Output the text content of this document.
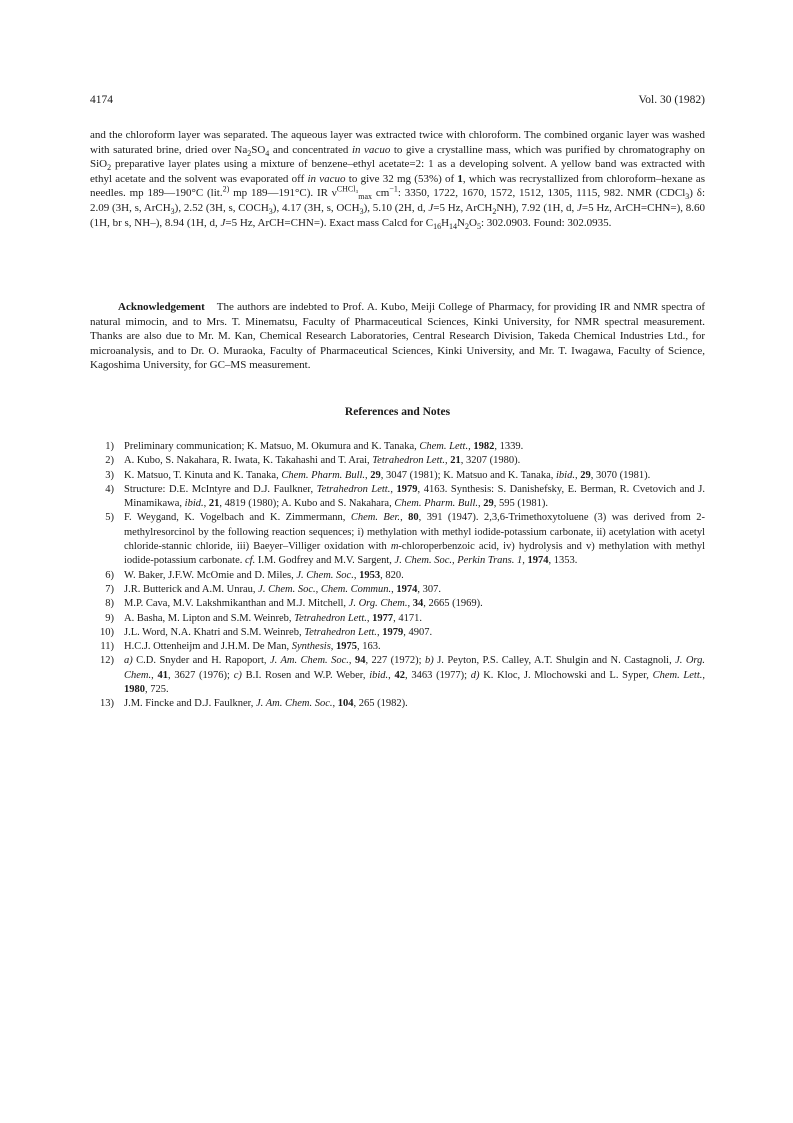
4174	Vol. 30 (1982)

and the chloroform layer was separated. The aqueous layer was extracted twice with chloroform. The combined organic layer was washed with saturated brine, dried over $Na_2SO_4$ and concentrated in vacuo to give a crystalline mass, which was purified by chromatography on SiO$_2$ preparative layer plates using a mixture of benzene–ethyl acetate=2: 1 as a developing solvent. A yellow band was extracted with ethyl acetate and the solvent was evaporated off in vacuo to give 32 mg (53%) of 1, which was recrystallized from chloroform–hexane as needles. mp 189—190°C (lit.$^{2)}$ mp 189—191°C). IR $\nu^{CHCl_3}_{max}$ $cm^{-1}$: 3350, 1722, 1670, 1572, 1512, 1305, 1115, 982. NMR (CDCl$_3$) δ: 2.09 (3H, s, ArCH$_3$), 2.52 (3H, s, $COCH_3$), 4.17 (3H, s, $OCH_3$), 5.10 (2H, d, J=5 Hz, ArCH$_2$NH), 7.92 (1H, d, J=5 Hz, ArCH=CHN=), 8.60 (1H, br s, NH–), 8.94 (1H, d, J=5 Hz, ArCH=CHN=). Exact mass Calcd for $C_{16}H_{14}N_2O_5$: 302.0903. Found: 302.0935.

Acknowledgement The authors are indebted to Prof. A. Kubo, Meiji College of Pharmacy, for providing IR and NMR spectra of natural mimocin, and to Mrs. T. Minematsu, Faculty of Pharmaceutical Sciences, Kinki University, for NMR spectral measurement. Thanks are also due to Mr. M. Kan, Chemical Research Laboratories, Central Research Division, Takeda Chemical Industries Ltd., for microanalysis, and to Dr. O. Muraoka, Faculty of Pharmaceutical Sciences, Kinki University, and Mr. T. Iwagawa, Faculty of Science, Kagoshima University, for GC–MS measurement.

References and Notes
1) Preliminary communication; K. Matsuo, M. Okumura and K. Tanaka, Chem. Lett., 1982, 1339.
2) A. Kubo, S. Nakahara, R. Iwata, K. Takahashi and T. Arai, Tetrahedron Lett., 21, 3207 (1980).
3) K. Matsuo, T. Kinuta and K. Tanaka, Chem. Pharm. Bull., 29, 3047 (1981); K. Matsuo and K. Tanaka, ibid., 29, 3070 (1981).
4) Structure: D.E. McIntyre and D.J. Faulkner, Tetrahedron Lett., 1979, 4163. Synthesis: S. Danishefsky, E. Berman, R. Cvetovich and J. Minamikawa, ibid., 21, 4819 (1980); A. Kubo and S. Nakahara, Chem. Pharm. Bull., 29, 595 (1981).
5) F. Weygand, K. Vogelbach and K. Zimmermann, Chem. Ber., 80, 391 (1947). 2,3,6-Trimethoxytoluene (3) was derived from 2-methylresorcinol by the following reaction sequences; i) methylation with methyl iodide-potassium carbonate, ii) acetylation with acetyl chloride-stannic chloride, iii) Baeyer–Villiger oxidation with m-chloroperbenzoic acid, iv) hydrolysis and v) methylation with methyl iodide-potassium carbonate. cf. I.M. Godfrey and M.V. Sargent, J. Chem. Soc., Perkin Trans. 1, 1974, 1353.
6) W. Baker, J.F.W. McOmie and D. Miles, J. Chem. Soc., 1953, 820.
7) J.R. Butterick and A.M. Unrau, J. Chem. Soc., Chem. Commun., 1974, 307.
8) M.P. Cava, M.V. Lakshmikanthan and M.J. Mitchell, J. Org. Chem., 34, 2665 (1969).
9) A. Basha, M. Lipton and S.M. Weinreb, Tetrahedron Lett., 1977, 4171.
10) J.L. Word, N.A. Khatri and S.M. Weinreb, Tetrahedron Lett., 1979, 4907.
11) H.C.J. Ottenheijm and J.H.M. De Man, Synthesis, 1975, 163.
12) a) C.D. Snyder and H. Rapoport, J. Am. Chem. Soc., 94, 227 (1972); b) J. Peyton, P.S. Calley, A.T. Shulgin and N. Castagnoli, J. Org. Chem., 41, 3627 (1976); c) B.I. Rosen and W.P. Weber, ibid., 42, 3463 (1977); d) K. Kloc, J. Mlochowski and L. Syper, Chem. Lett., 1980, 725.
13) J.M. Fincke and D.J. Faulkner, J. Am. Chem. Soc., 104, 265 (1982).
